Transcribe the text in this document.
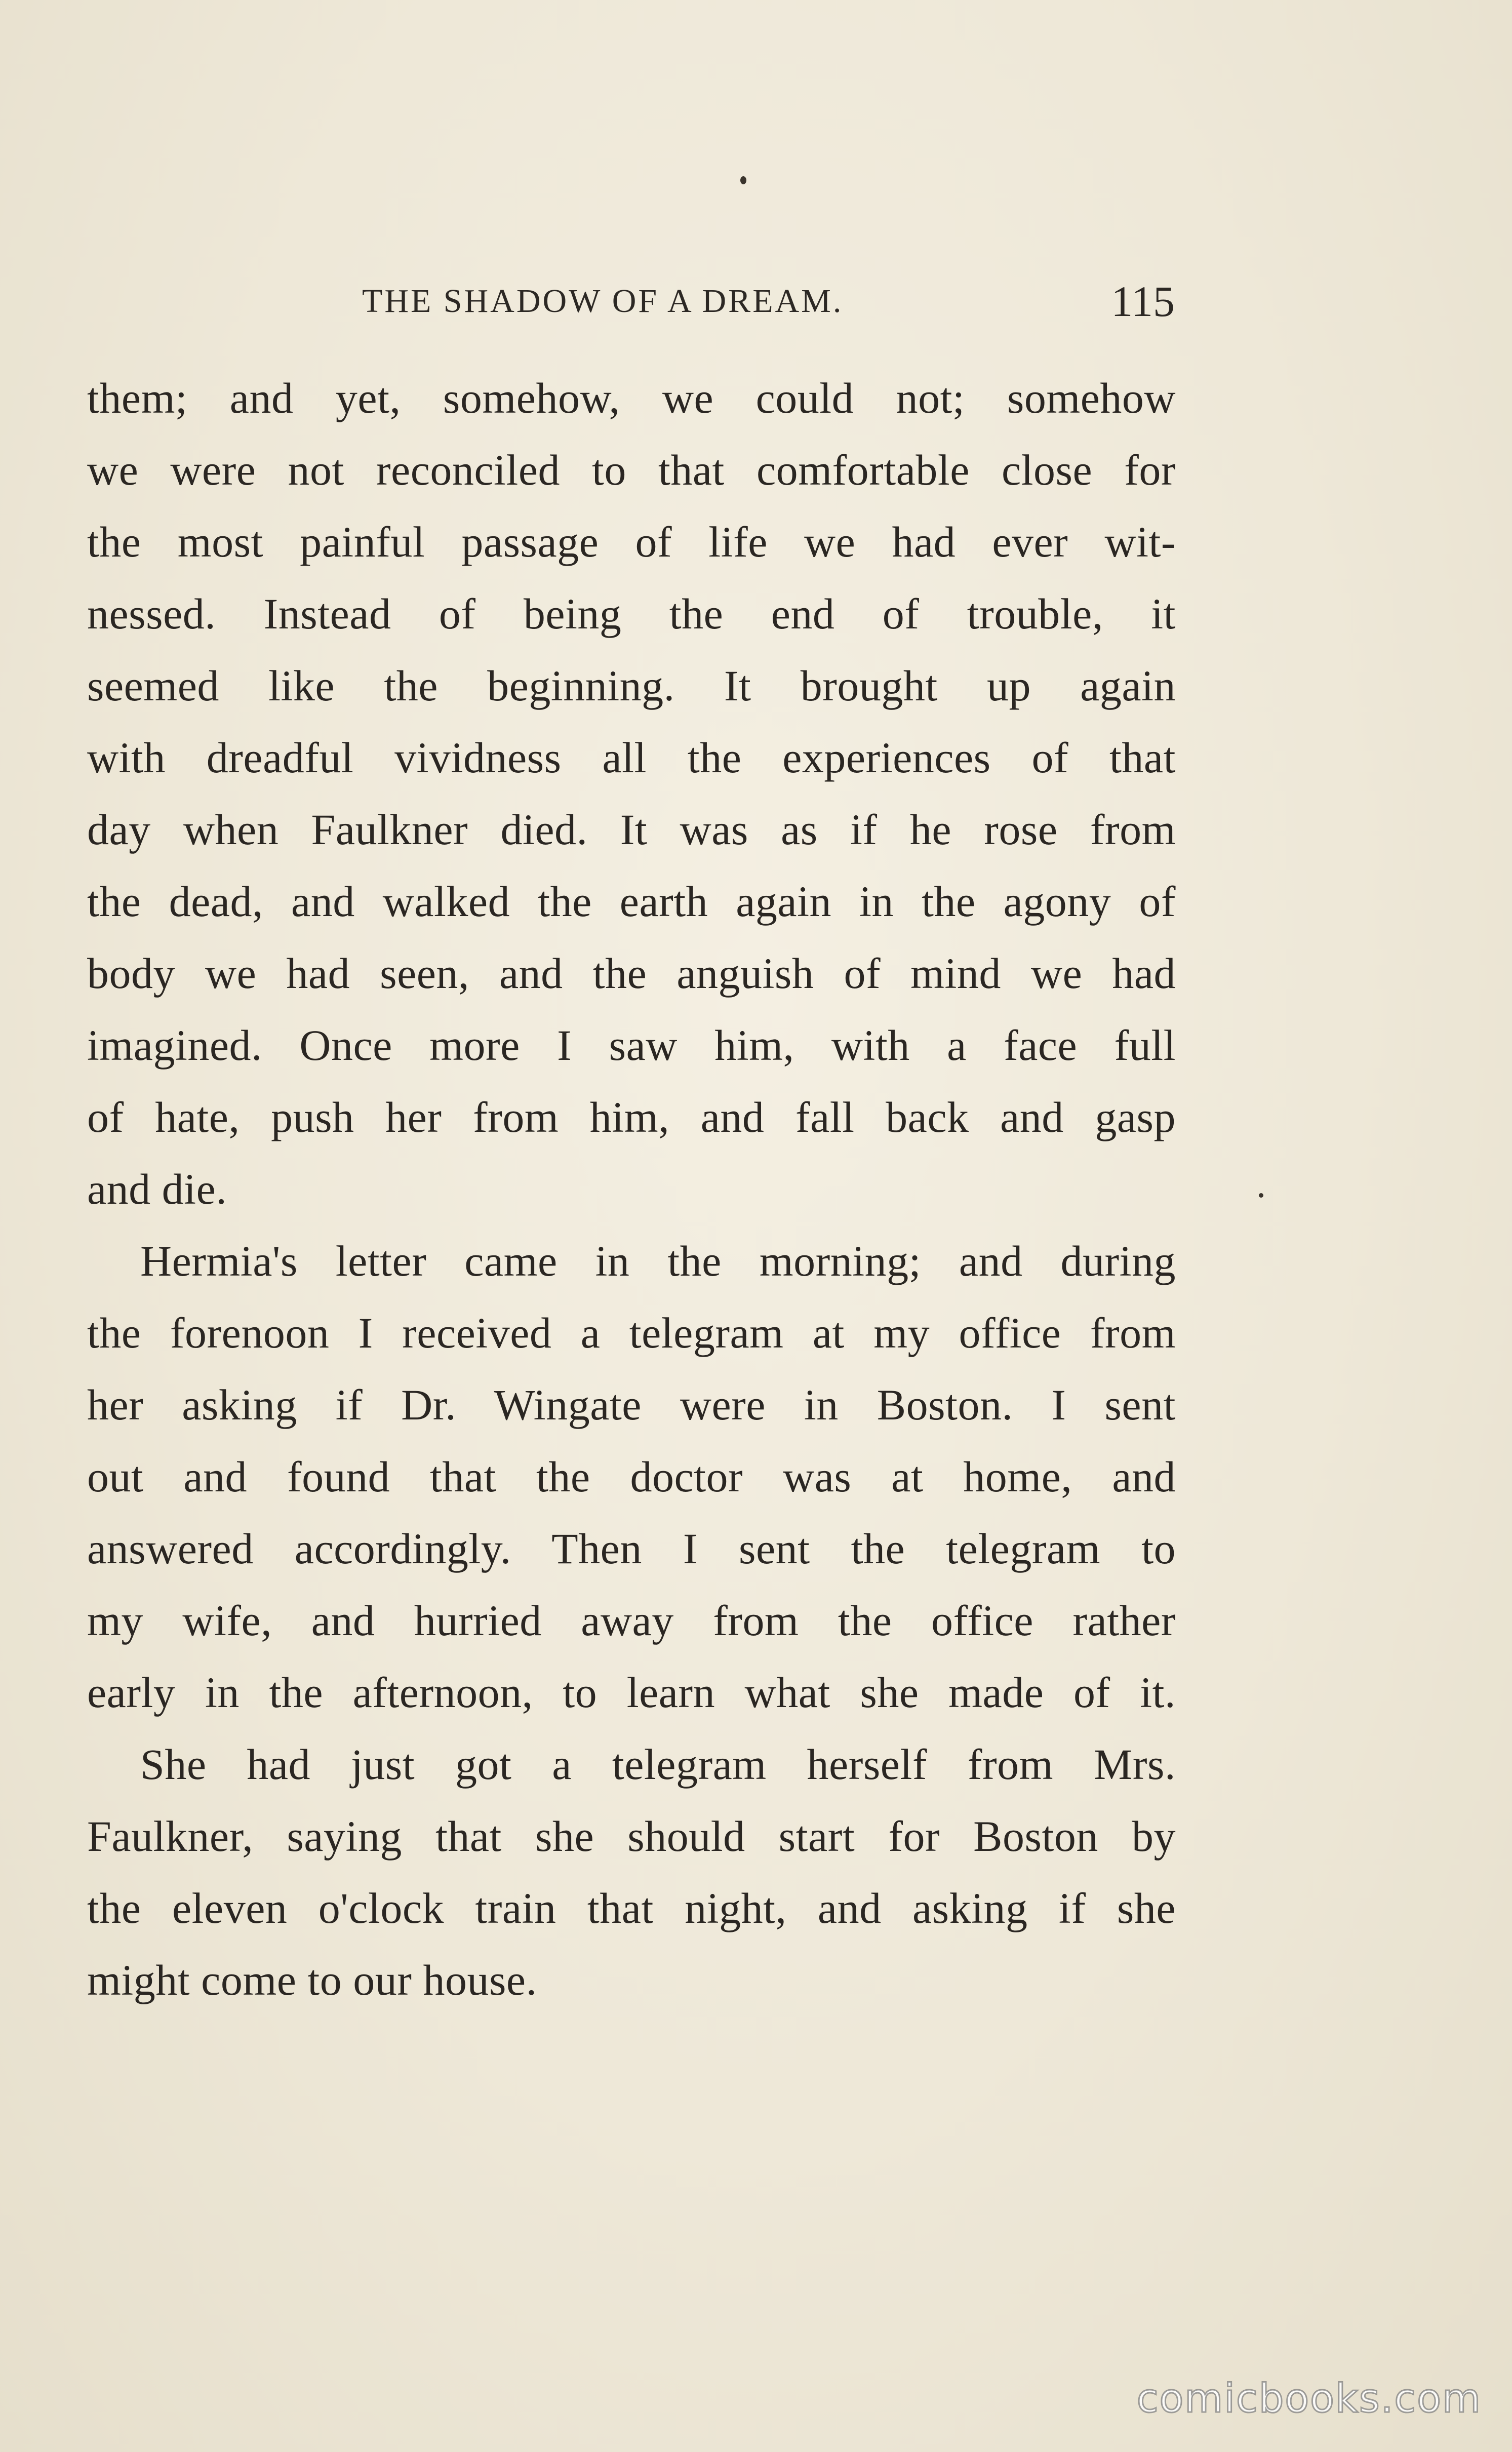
THE SHADOW OF A DREAM.	115
them; and yet, somehow, we could not; somehow
we were not reconciled to that comfortable close for
the most painful passage of life we had ever wit-
nessed. Instead of being the end of trouble, it
seemed like the beginning. It brought up again
with dreadful vividness all the experiences of that
day when Faulkner died. It was as if he rose from
the dead, and walked the earth again in the agony of
body we had seen, and the anguish of mind we had
imagined. Once more I saw him, with a face full
of hate, push her from him, and fall back and gasp
and die.
Hermia's letter came in the morning; and during
the forenoon I received a telegram at my office from
her asking if Dr. Wingate were in Boston. I sent
out and found that the doctor was at home, and
answered accordingly. Then I sent the telegram to
my wife, and hurried away from the office rather
early in the afternoon, to learn what she made of it.
She had just got a telegram herself from Mrs.
Faulkner, saying that she should start for Boston by
the eleven o'clock train that night, and asking if she
might come to our house.
comicbooks.com
